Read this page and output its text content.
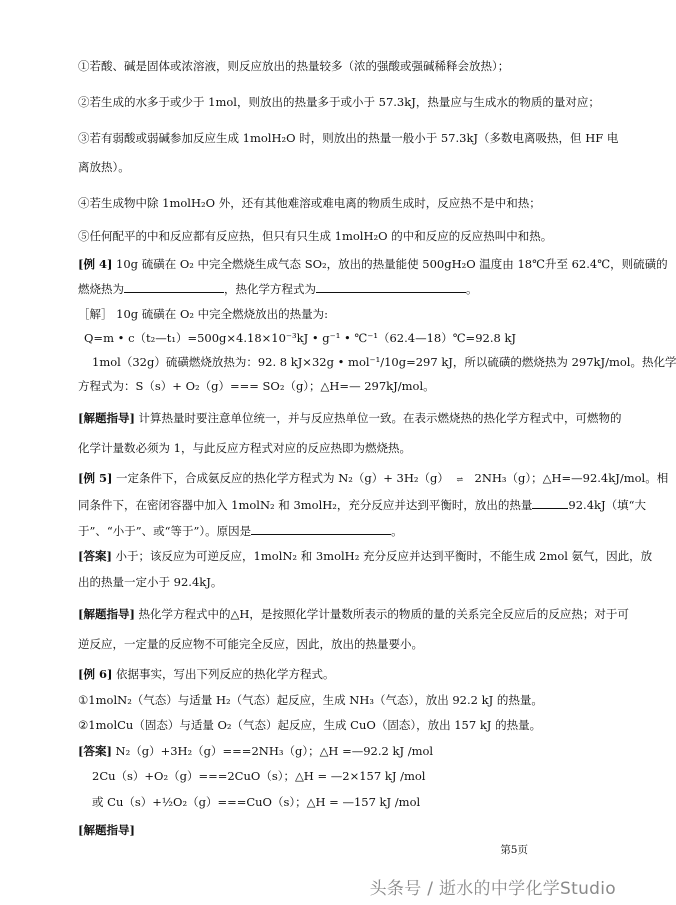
①若酸、碱是固体或浓溶液，则反应放出的热量较多（浓的强酸或强碱稀释会放热）；
②若生成的水多于或少于 1mol，则放出的热量多于或小于 57.3kJ，热量应与生成水的物质的量对应；
③若有弱酸或弱碱参加反应生成 1molH₂O 时，则放出的热量一般小于 57.3kJ（多数电离吸热，但 HF 电
离放热）。
④若生成物中除 1molH₂O 外，还有其他难溶或难电离的物质生成时，反应热不是中和热；
⑤任何配平的中和反应都有反应热，但只有只生成 1molH₂O 的中和反应的反应热叫中和热。
[例 4] 10g 硫磺在 O₂ 中完全燃烧生成气态 SO₂，放出的热量能使 500gH₂O 温度由 18℃升至 62.4℃，则硫磺的
燃烧热为	，热化学方程式为	。
［解］ 10g 硫磺在 O₂ 中完全燃烧放出的热量为:
Q=m • c（t₂—t₁）=500g×4.18×10⁻³kJ • g⁻¹ • ℃⁻¹（62.4—18）℃=92.8 kJ
1mol（32g）硫磺燃烧放热为：92. 8 kJ×32g • mol⁻¹/10g=297 kJ，所以硫磺的燃烧热为 297kJ/mol。热化学
方程式为：S（s）+ O₂（g）=== SO₂（g）；△H=— 297kJ/mol。
[解题指导] 计算热量时要注意单位统一，并与反应热单位一致。在表示燃烧热的热化学方程式中，可燃物的
化学计量数必须为 1，与此反应方程式对应的反应热即为燃烧热。
[例 5] 一定条件下，合成氨反应的热化学方程式为 N₂（g）+ 3H₂（g） ⇌ 2NH₃（g）；△H=—92.4kJ/mol。相
同条件下，在密闭容器中加入 1molN₂ 和 3molH₂，充分反应并达到平衡时，放出的热量	92.4kJ（填“大
于”、“小于”、或“等于”）。原因是	。
[答案] 小于；该反应为可逆反应，1molN₂ 和 3molH₂ 充分反应并达到平衡时，不能生成 2mol 氨气，因此，放
出的热量一定小于 92.4kJ。
[解题指导] 热化学方程式中的△H，是按照化学计量数所表示的物质的量的关系完全反应后的反应热；对于可
逆反应，一定量的反应物不可能完全反应，因此，放出的热量要小。
[例 6] 依据事实，写出下列反应的热化学方程式。
①1molN₂（气态）与适量 H₂（气态）起反应，生成 NH₃（气态），放出 92.2 kJ 的热量。
②1molCu（固态）与适量 O₂（气态）起反应，生成 CuO（固态），放出 157 kJ 的热量。
[答案] N₂（g）+3H₂（g）===2NH₃（g）；△H =—92.2 kJ /mol
2Cu（s）+O₂（g）===2CuO（s）；△H = —2×157 kJ /mol
或 Cu（s）+½O₂（g）===CuO（s）；△H = —157 kJ /mol
[解题指导]
第5页
头条号 / 逝水的中学化学Studio
